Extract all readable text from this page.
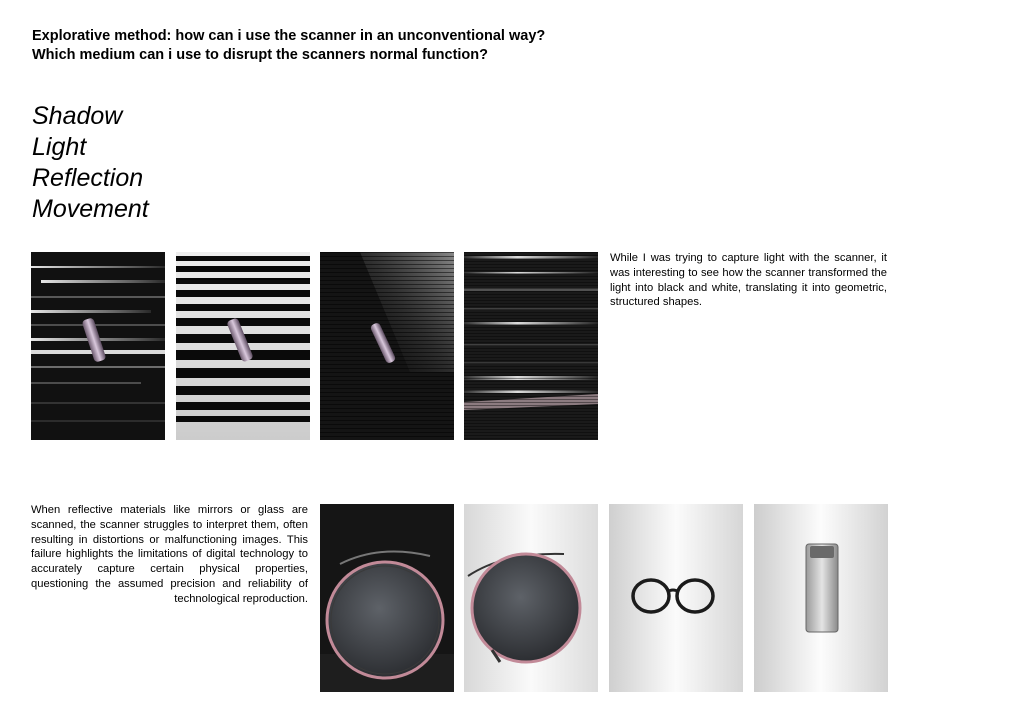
Explorative method: how can i use the scanner in an unconventional way?
Which medium can i use to disrupt the scanners normal function?
Shadow
Light
Reflection
Movement
While I was trying to capture light with the scanner, it was interesting to see how the scanner transformed the light into black and white, translating it into geometric, structured shapes.
When reflective materials like mirrors or glass are scanned, the scanner struggles to interpret them, often resulting in distortions or malfunctioning images. This failure highlights the limitations of digital technology to accurately capture certain physical properties, questioning the assumed precision and reliability of technological reproduction.
